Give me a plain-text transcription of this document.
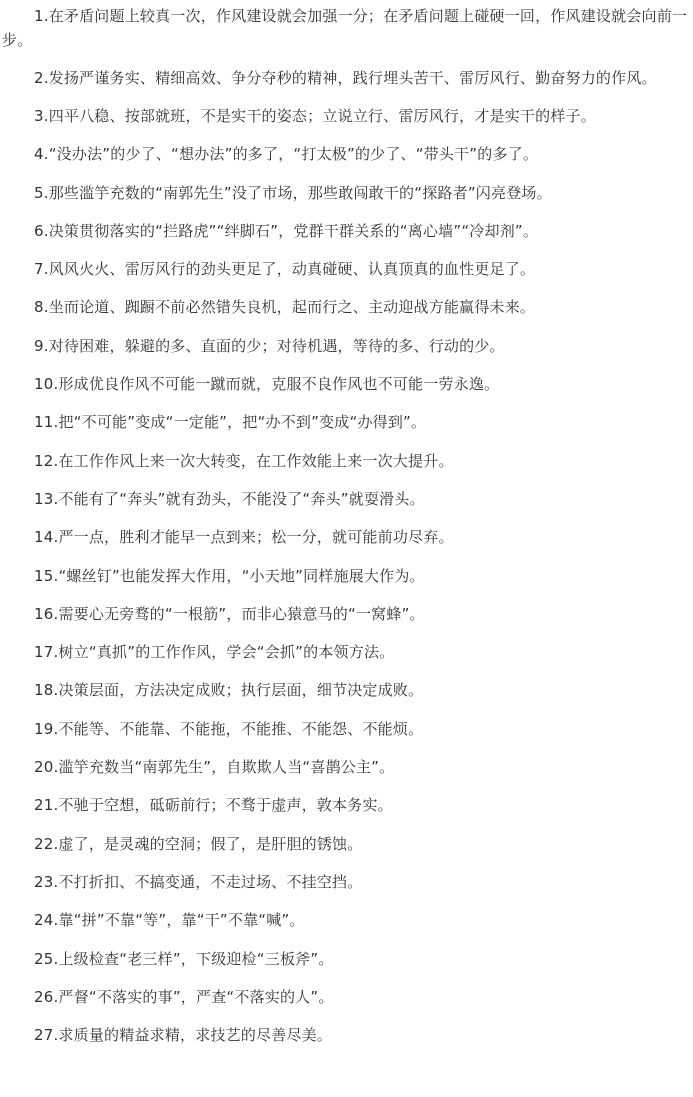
1.在矛盾问题上较真一次，作风建设就会加强一分；在矛盾问题上碰硬一回，作风建设就会向前一步。

2.发扬严谨务实、精细高效、争分夺秒的精神，践行埋头苦干、雷厉风行、勤奋努力的作风。

3.四平八稳、按部就班，不是实干的姿态；立说立行、雷厉风行，才是实干的样子。

4.“没办法”的少了、“想办法”的多了，“打太极”的少了、“带头干”的多了。

5.那些滥竽充数的“南郭先生”没了市场，那些敢闯敢干的“探路者”闪亮登场。

6.决策贯彻落实的“拦路虎”“绊脚石”，党群干群关系的“离心墙”“冷却剂”。

7.风风火火、雷厉风行的劲头更足了，动真碰硬、认真顶真的血性更足了。

8.坐而论道、踟蹰不前必然错失良机，起而行之、主动迎战方能赢得未来。

9.对待困难，躲避的多、直面的少；对待机遇，等待的多、行动的少。

10.形成优良作风不可能一蹴而就，克服不良作风也不可能一劳永逸。

11.把“不可能”变成“一定能”，把“办不到”变成“办得到”。

12.在工作作风上来一次大转变，在工作效能上来一次大提升。

13.不能有了“奔头”就有劲头，不能没了“奔头”就耍滑头。

14.严一点，胜利才能早一点到来；松一分，就可能前功尽弃。

15.“螺丝钉”也能发挥大作用，“小天地”同样施展大作为。

16.需要心无旁骛的“一根筋”，而非心猿意马的“一窝蜂”。

17.树立“真抓”的工作作风，学会“会抓”的本领方法。

18.决策层面，方法决定成败；执行层面，细节决定成败。

19.不能等、不能靠、不能拖，不能推、不能怨、不能烦。

20.滥竽充数当“南郭先生”，自欺欺人当“喜鹊公主”。

21.不驰于空想，砥砺前行；不骛于虚声，敦本务实。

22.虚了，是灵魂的空洞；假了，是肝胆的锈蚀。

23.不打折扣、不搞变通，不走过场、不挂空挡。

24.靠“拼”不靠“等”，靠“干”不靠“喊”。

25.上级检查“老三样”，下级迎检“三板斧”。

26.严督“不落实的事”，严查“不落实的人”。

27.求质量的精益求精，求技艺的尽善尽美。
